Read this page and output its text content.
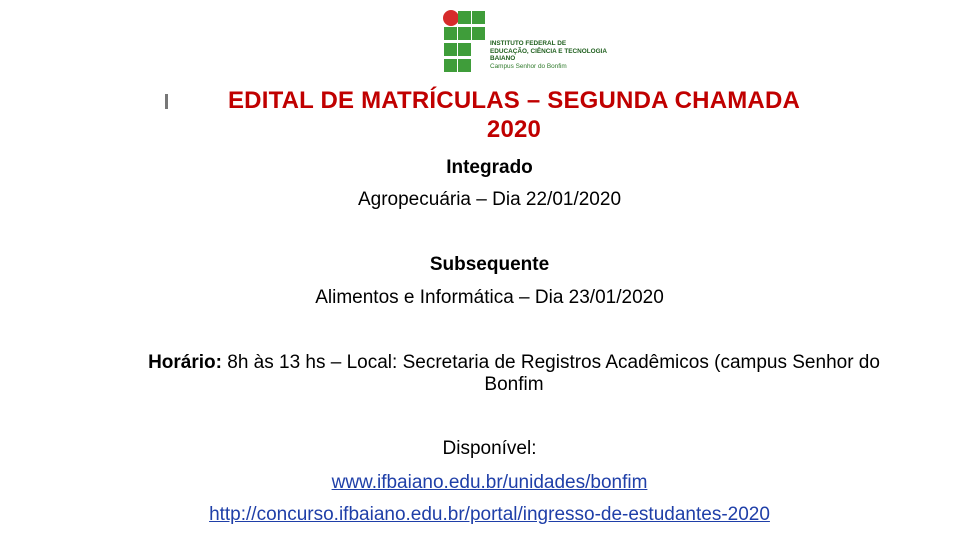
INSTITUTO FEDERAL DE
EDUCAÇÃO, CIÊNCIA E TECNOLOGIA
BAIANO
Campus Senhor do Bonfim
EDITAL DE MATRÍCULAS – SEGUNDA CHAMADA
2020
Integrado
Agropecuária – Dia 22/01/2020
Subsequente
Alimentos e Informática – Dia 23/01/2020
Horário: 8h às 13 hs – Local: Secretaria de Registros Acadêmicos (campus Senhor do Bonfim
Disponível:
www.ifbaiano.edu.br/unidades/bonfim
http://concurso.ifbaiano.edu.br/portal/ingresso-de-estudantes-2020
